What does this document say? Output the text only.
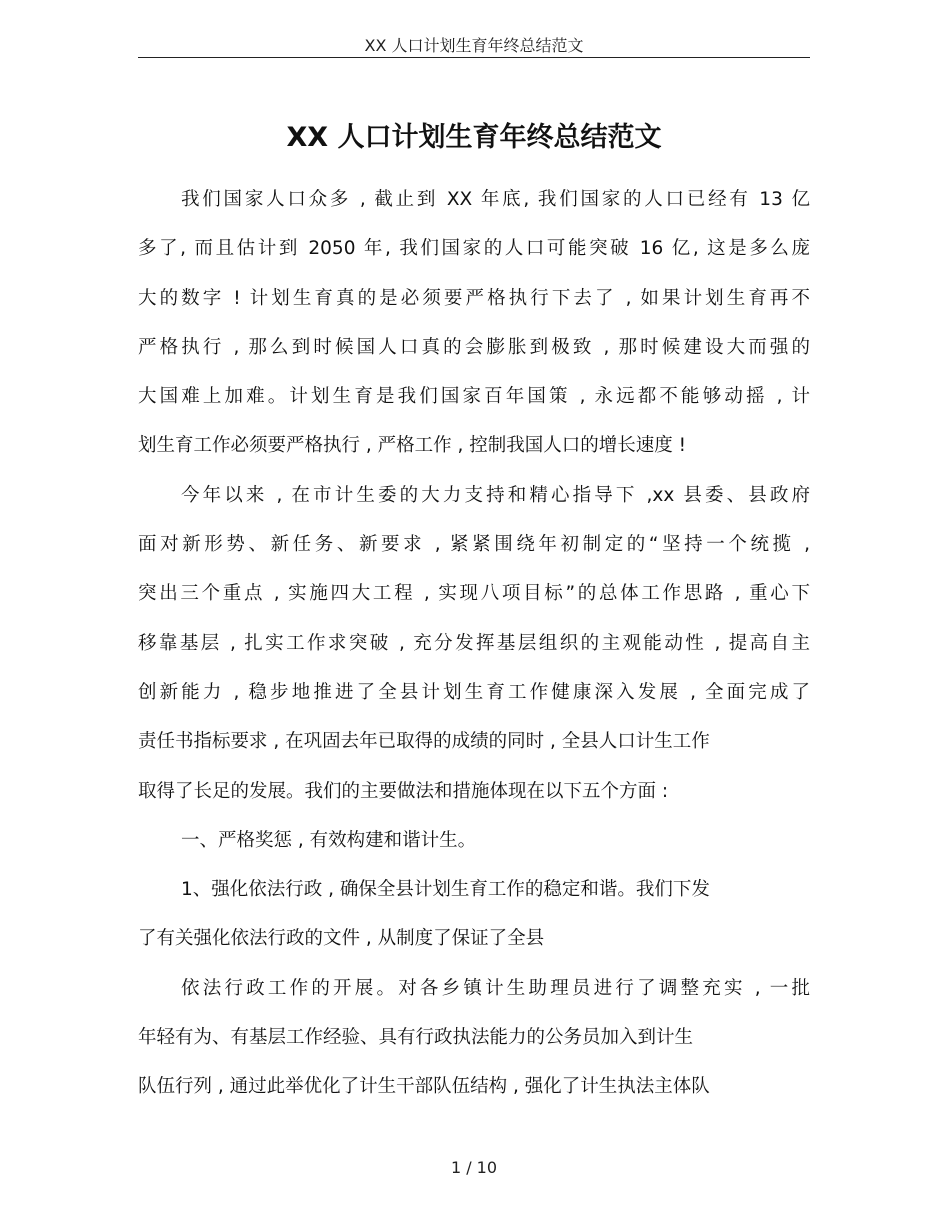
XX 人口计划生育年终总结范文
XX 人口计划生育年终总结范文
我们国家人口众多 , 截止到 XX 年底, 我们国家的人口已经有 13 亿
多了, 而且估计到 2050 年, 我们国家的人口可能突破 16 亿, 这是多么庞
大的数字 ! 计划生育真的是必须要严格执行下去了 , 如果计划生育再不
严格执行 , 那么到时候国人口真的会膨胀到极致 , 那时候建设大而强的
大国难上加难。计划生育是我们国家百年国策 , 永远都不能够动摇 , 计
划生育工作必须要严格执行 , 严格工作 , 控制我国人口的增长速度 !
今年以来 , 在市计生委的大力支持和精心指导下 ,xx 县委、县政府
面对新形势、新任务、新要求 , 紧紧围绕年初制定的“坚持一个统揽 ,
突出三个重点 , 实施四大工程 , 实现八项目标”的总体工作思路 , 重心下
移靠基层 , 扎实工作求突破 , 充分发挥基层组织的主观能动性 , 提高自主
创新能力 , 稳步地推进了全县计划生育工作健康深入发展 , 全面完成了
责任书指标要求 , 在巩固去年已取得的成绩的同时 , 全县人口计生工作
取得了长足的发展。我们的主要做法和措施体现在以下五个方面 :
一、严格奖惩 , 有效构建和谐计生。
1、强化依法行政 , 确保全县计划生育工作的稳定和谐。我们下发
了有关强化依法行政的文件 , 从制度了保证了全县
依法行政工作的开展。对各乡镇计生助理员进行了调整充实 , 一批
年轻有为、有基层工作经验、具有行政执法能力的公务员加入到计生
队伍行列 , 通过此举优化了计生干部队伍结构 , 强化了计生执法主体队
1 / 10
